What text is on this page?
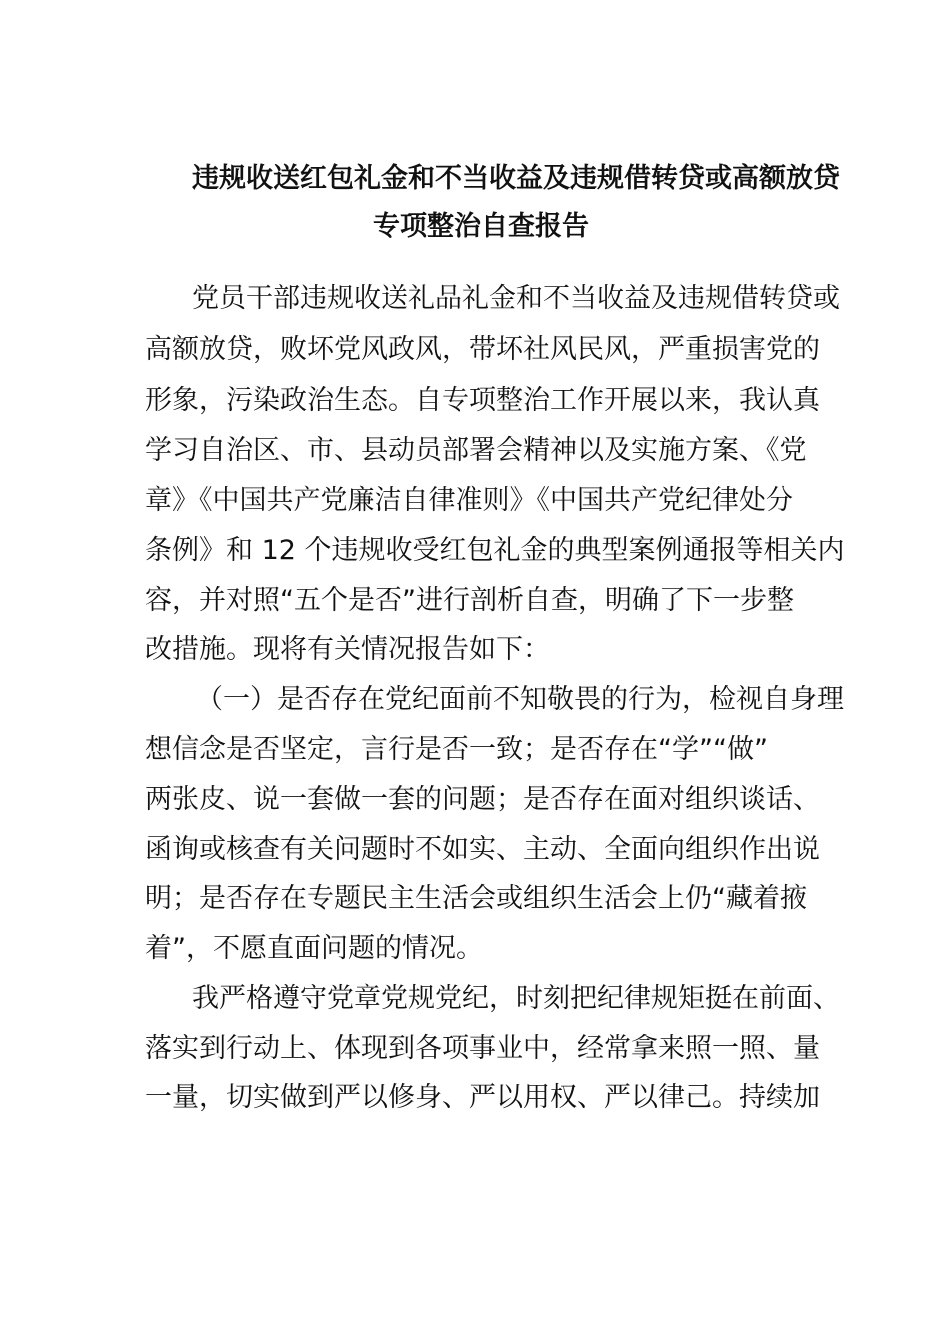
违规收送红包礼金和不当收益及违规借转贷或高额放贷
专项整治自查报告
党员干部违规收送礼品礼金和不当收益及违规借转贷或
高额放贷，败坏党风政风，带坏社风民风，严重损害党的
形象，污染政治生态。自专项整治工作开展以来，我认真
学习自治区、市、县动员部署会精神以及实施方案、《党
章》《中国共产党廉洁自律准则》《中国共产党纪律处分
条例》和 12 个违规收受红包礼金的典型案例通报等相关内
容，并对照“五个是否”进行剖析自查，明确了下一步整
改措施。现将有关情况报告如下：
（一）是否存在党纪面前不知敬畏的行为，检视自身理
想信念是否坚定，言行是否一致；是否存在“学”“做”
两张皮、说一套做一套的问题；是否存在面对组织谈话、
函询或核查有关问题时不如实、主动、全面向组织作出说
明；是否存在专题民主生活会或组织生活会上仍“藏着掖
着”，不愿直面问题的情况。
我严格遵守党章党规党纪，时刻把纪律规矩挺在前面、
落实到行动上、体现到各项事业中，经常拿来照一照、量
一量，切实做到严以修身、严以用权、严以律己。持续加
